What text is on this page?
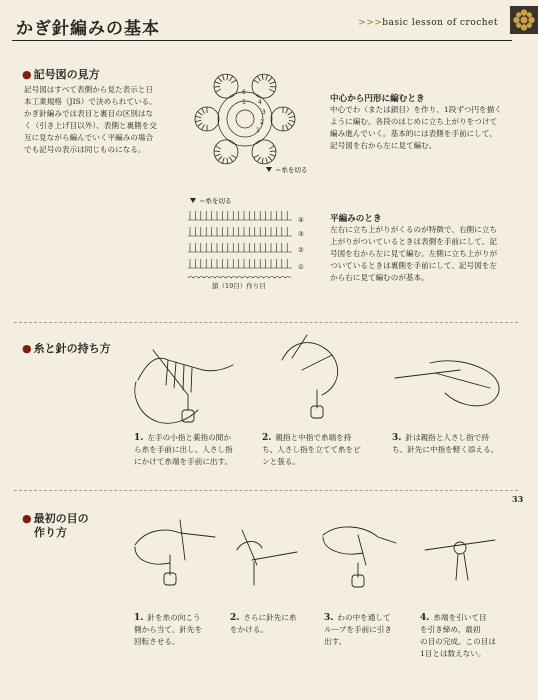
かぎ針編みの基本	>>>basic lesson of crochet
● 記号図の見方
記号図はすべて表側から見た表示と日
本工業規格（JIS）で決められている。
かぎ針編みでは表目と裏目の区別はな
く（引き上げ目以外）、表側と裏側を交
互に見ながら編んでいく平編みの場合
でも記号の表示は同じものになる。
6
5 4
3
2
1
＝糸を切る
中心から円形に編むとき
中心でわ（または鎖目）を作り、1段ずつ円を描く
ように編む。各段のはじめに立ち上がりをつけて
編み進んでいく。基本的には表側を手前にして、
記号図を右から左に見て編む。
＝糸を切る
④
③
②
①
鎖（19目）作り目
平編みのとき
左右に立ち上がりがくるのが特徴で、右側に立ち
上がりがついているときは表側を手前にして、記
号図を右から左に見て編む。左側に立ち上がりが
ついているときは裏側を手前にして、記号図を左
から右に見て編むのが基本。
● 糸と針の持ち方
1. 左手の小指と薬指の間か
ら糸を手前に出し、人さし指
にかけて糸端を手前に出す。
2. 親指と中指で糸端を持
ち、人さし指を立てて糸をピ
ンと張る。
3. 針は親指と人さし指で持
ち、針先に中指を軽く添える。
33
● 最初の目の
作り方
1. 針を糸の向こう
側から当て、針先を
回転させる。
2. さらに針先に糸
をかける。
3. わの中を通して
ループを手前に引き
出す。
4. 糸端を引いて目
を引き締め、最初
の目の完成。この目は
1目とは数えない。
